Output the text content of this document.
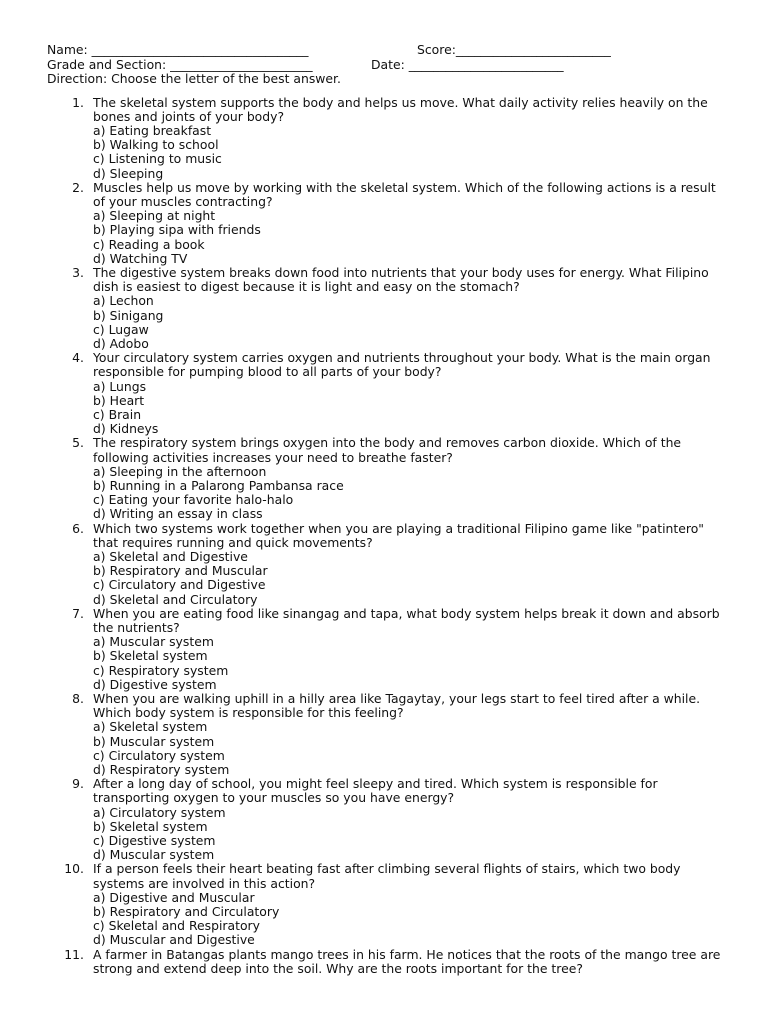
Name: ___________________________________	Score:_________________________
Grade and Section: _______________________	Date: _________________________
Direction: Choose the letter of the best answer.
1. The skeletal system supports the body and helps us move. What daily activity relies heavily on the bones and joints of your body?
a) Eating breakfast
b) Walking to school
c) Listening to music
d) Sleeping
2. Muscles help us move by working with the skeletal system. Which of the following actions is a result of your muscles contracting?
a) Sleeping at night
b) Playing sipa with friends
c) Reading a book
d) Watching TV
3. The digestive system breaks down food into nutrients that your body uses for energy. What Filipino dish is easiest to digest because it is light and easy on the stomach?
a) Lechon
b) Sinigang
c) Lugaw
d) Adobo
4. Your circulatory system carries oxygen and nutrients throughout your body. What is the main organ responsible for pumping blood to all parts of your body?
a) Lungs
b) Heart
c) Brain
d) Kidneys
5. The respiratory system brings oxygen into the body and removes carbon dioxide. Which of the following activities increases your need to breathe faster?
a) Sleeping in the afternoon
b) Running in a Palarong Pambansa race
c) Eating your favorite halo-halo
d) Writing an essay in class
6. Which two systems work together when you are playing a traditional Filipino game like "patintero" that requires running and quick movements?
a) Skeletal and Digestive
b) Respiratory and Muscular
c) Circulatory and Digestive
d) Skeletal and Circulatory
7. When you are eating food like sinangag and tapa, what body system helps break it down and absorb the nutrients?
a) Muscular system
b) Skeletal system
c) Respiratory system
d) Digestive system
8. When you are walking uphill in a hilly area like Tagaytay, your legs start to feel tired after a while. Which body system is responsible for this feeling?
a) Skeletal system
b) Muscular system
c) Circulatory system
d) Respiratory system
9. After a long day of school, you might feel sleepy and tired. Which system is responsible for transporting oxygen to your muscles so you have energy?
a) Circulatory system
b) Skeletal system
c) Digestive system
d) Muscular system
10. If a person feels their heart beating fast after climbing several flights of stairs, which two body systems are involved in this action?
a) Digestive and Muscular
b) Respiratory and Circulatory
c) Skeletal and Respiratory
d) Muscular and Digestive
11. A farmer in Batangas plants mango trees in his farm. He notices that the roots of the mango tree are strong and extend deep into the soil. Why are the roots important for the tree?
